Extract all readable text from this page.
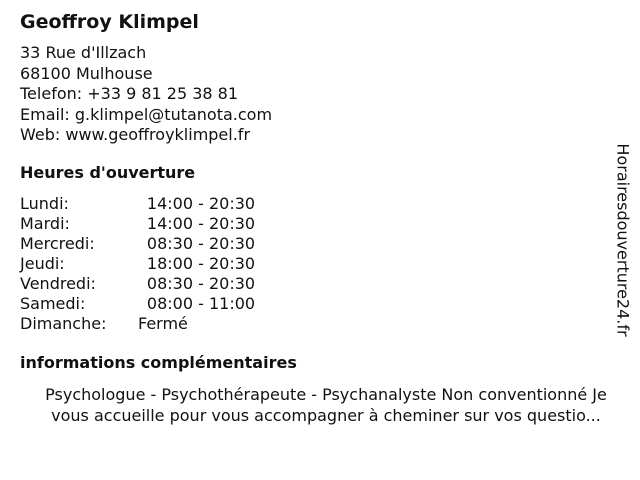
Geoffroy Klimpel
33 Rue d'Illzach
68100 Mulhouse
Telefon: +33 9 81 25 38 81
Email: g.klimpel@tutanota.com
Web: www.geoffroyklimpel.fr
Heures d'ouverture
Lundi:	14:00 - 20:30
Mardi:	14:00 - 20:30
Mercredi:	08:30 - 20:30
Jeudi:	18:00 - 20:30
Vendredi:	08:30 - 20:30
Samedi:	08:00 - 11:00
Dimanche: Fermé
informations complémentaires
Psychologue - Psychothérapeute - Psychanalyste Non conventionné Je
vous accueille pour vous accompagner à cheminer sur vos questio...
Horairesdouverture24.fr
